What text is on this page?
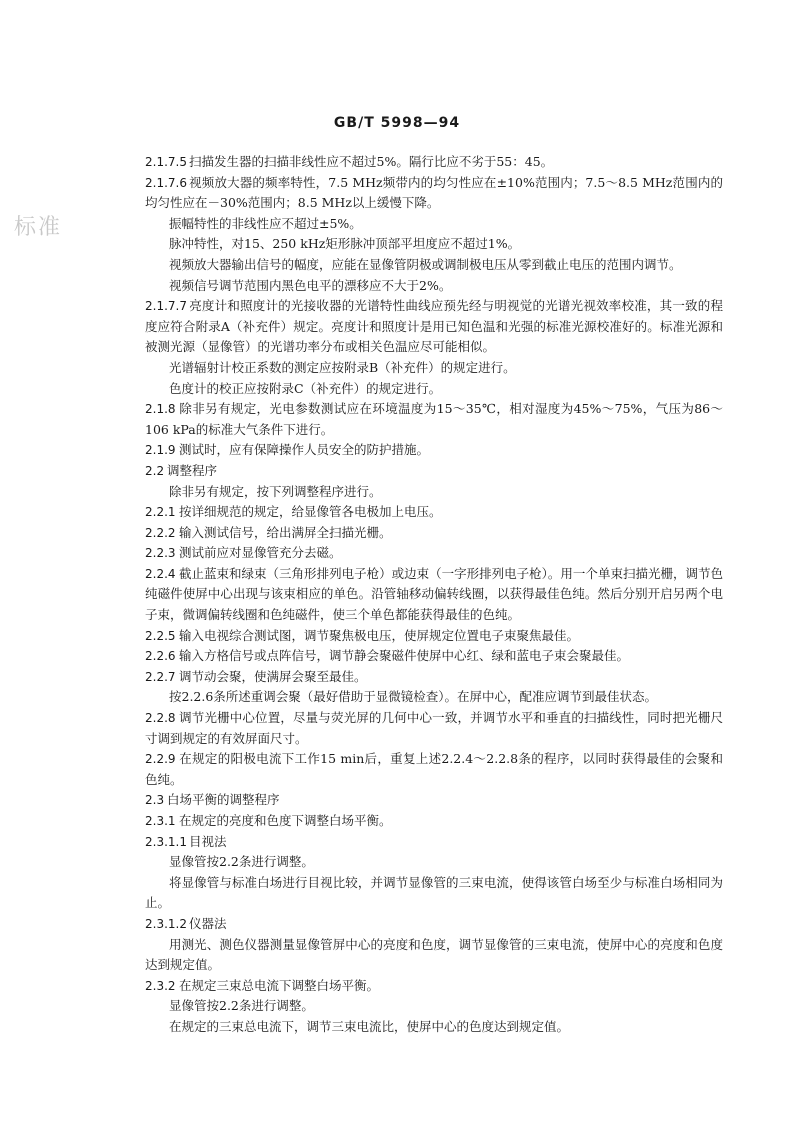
标准
GB/T 5998—94

2.1.7.5 扫描发生器的扫描非线性应不超过5%。隔行比应不劣于55：45。

2.1.7.6 视频放大器的频率特性，7.5 MHz频带内的均匀性应在±10%范围内；7.5～8.5 MHz范围内的均匀性应在－30%范围内；8.5 MHz以上缓慢下降。

振幅特性的非线性应不超过±5%。

脉冲特性，对15、250 kHz矩形脉冲顶部平坦度应不超过1%。

视频放大器输出信号的幅度，应能在显像管阴极或调制极电压从零到截止电压的范围内调节。

视频信号调节范围内黑色电平的漂移应不大于2%。

2.1.7.7 亮度计和照度计的光接收器的光谱特性曲线应预先经与明视觉的光谱光视效率校准，其一致的程度应符合附录A（补充件）规定。亮度计和照度计是用已知色温和光强的标准光源校准好的。标准光源和被测光源（显像管）的光谱功率分布或相关色温应尽可能相似。

光谱辐射计校正系数的测定应按附录B（补充件）的规定进行。

色度计的校正应按附录C（补充件）的规定进行。

2.1.8 除非另有规定，光电参数测试应在环境温度为15～35℃，相对湿度为45%～75%，气压为86～106 kPa的标准大气条件下进行。

2.1.9 测试时，应有保障操作人员安全的防护措施。

2.2 调整程序

除非另有规定，按下列调整程序进行。

2.2.1 按详细规范的规定，给显像管各电极加上电压。

2.2.2 输入测试信号，给出满屏全扫描光栅。

2.2.3 测试前应对显像管充分去磁。

2.2.4 截止蓝束和绿束（三角形排列电子枪）或边束（一字形排列电子枪）。用一个单束扫描光栅，调节色纯磁件使屏中心出现与该束相应的单色。沿管轴移动偏转线圈，以获得最佳色纯。然后分别开启另两个电子束，微调偏转线圈和色纯磁件，使三个单色都能获得最佳的色纯。

2.2.5 输入电视综合测试图，调节聚焦极电压，使屏规定位置电子束聚焦最佳。

2.2.6 输入方格信号或点阵信号，调节静会聚磁件使屏中心红、绿和蓝电子束会聚最佳。

2.2.7 调节动会聚，使满屏会聚至最佳。

按2.2.6条所述重调会聚（最好借助于显微镜检查）。在屏中心，配准应调节到最佳状态。

2.2.8 调节光栅中心位置，尽量与荧光屏的几何中心一致，并调节水平和垂直的扫描线性，同时把光栅尺寸调到规定的有效屏面尺寸。

2.2.9 在规定的阳极电流下工作15 min后，重复上述2.2.4～2.2.8条的程序，以同时获得最佳的会聚和色纯。

2.3 白场平衡的调整程序

2.3.1 在规定的亮度和色度下调整白场平衡。

2.3.1.1 目视法

显像管按2.2条进行调整。

将显像管与标准白场进行目视比较，并调节显像管的三束电流，使得该管白场至少与标准白场相同为止。

2.3.1.2 仪器法

用测光、测色仪器测量显像管屏中心的亮度和色度，调节显像管的三束电流，使屏中心的亮度和色度达到规定值。

2.3.2 在规定三束总电流下调整白场平衡。

显像管按2.2条进行调整。

在规定的三束总电流下，调节三束电流比，使屏中心的色度达到规定值。
